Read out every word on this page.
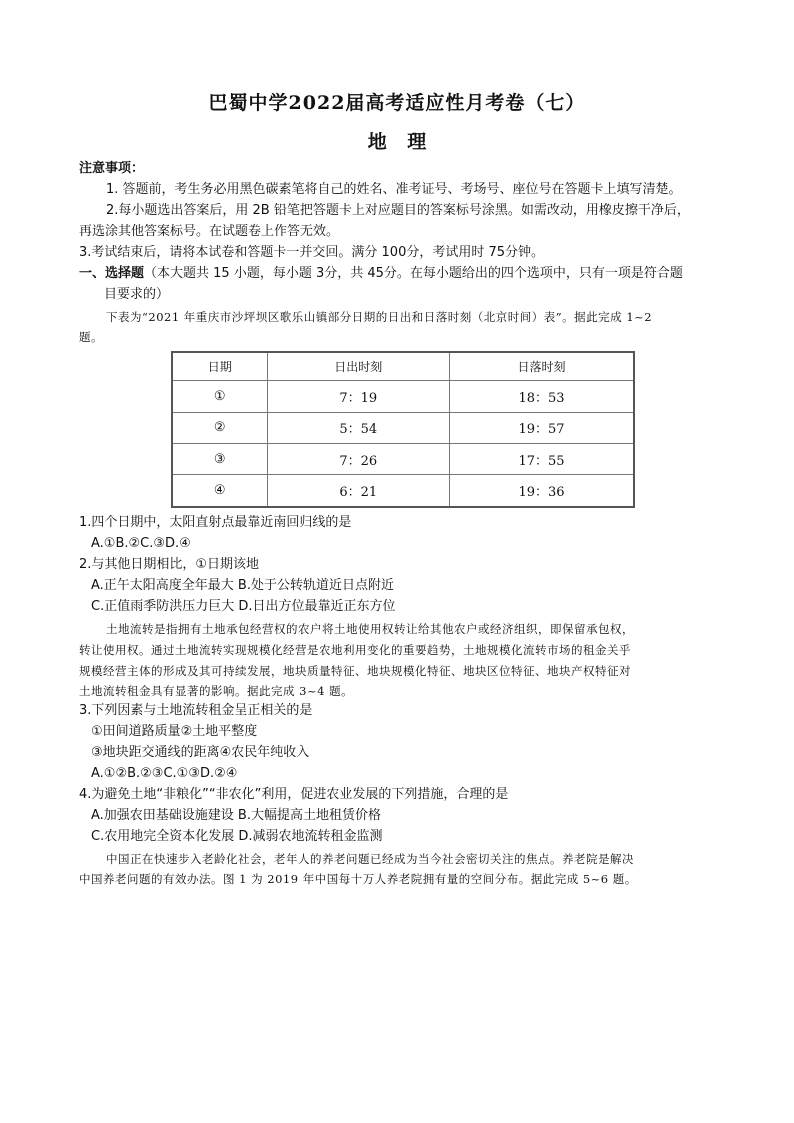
巴蜀中学2022届高考适应性月考卷（七）
地 理
注意事项：
1. 答题前，考生务必用黑色碳素笔将自己的姓名、准考证号、考场号、座位号在答题卡上填写清楚。
2.每小题选出答案后，用 2B 铅笔把答题卡上对应题目的答案标号涂黑。如需改动，用橡皮擦干净后，
再选涂其他答案标号。在试题卷上作答无效。
3.考试结束后，请将本试卷和答题卡一并交回。满分 100分，考试用时 75分钟。
一、选择题（本大题共 15 小题，每小题 3分，共 45分。在每小题给出的四个选项中，只有一项是符合题
目要求的）
下表为“2021 年重庆市沙坪坝区歌乐山镇部分日期的日出和日落时刻（北京时间）表”。据此完成 1~2
题。
日期	日出时刻	日落时刻
①	7：19	18：53
②	5：54	19：57
③	7：26	17：55
④	6：21	19：36
1.四个日期中，太阳直射点最靠近南回归线的是
A.①B.②C.③D.④
2.与其他日期相比，①日期该地
A.正午太阳高度全年最大 B.处于公转轨道近日点附近
C.正值雨季防洪压力巨大 D.日出方位最靠近正东方位
土地流转是指拥有土地承包经营权的农户将土地使用权转让给其他农户或经济组织，即保留承包权，
转让使用权。通过土地流转实现规模化经营是农地利用变化的重要趋势，土地规模化流转市场的租金关乎
规模经营主体的形成及其可持续发展，地块质量特征、地块规模化特征、地块区位特征、地块产权特征对
土地流转租金具有显著的影响。据此完成 3~4 题。
3.下列因素与土地流转租金呈正相关的是
①田间道路质量②土地平整度
③地块距交通线的距离④农民年纯收入
A.①②B.②③C.①③D.②④
4.为避免土地“非粮化”“非农化”利用，促进农业发展的下列措施，合理的是
A.加强农田基础设施建设 B.大幅提高土地租赁价格
C.农用地完全资本化发展 D.减弱农地流转租金监测
中国正在快速步入老龄化社会，老年人的养老问题已经成为当今社会密切关注的焦点。养老院是解决
中国养老问题的有效办法。图 1 为 2019 年中国每十万人养老院拥有量的空间分布。据此完成 5~6 题。
